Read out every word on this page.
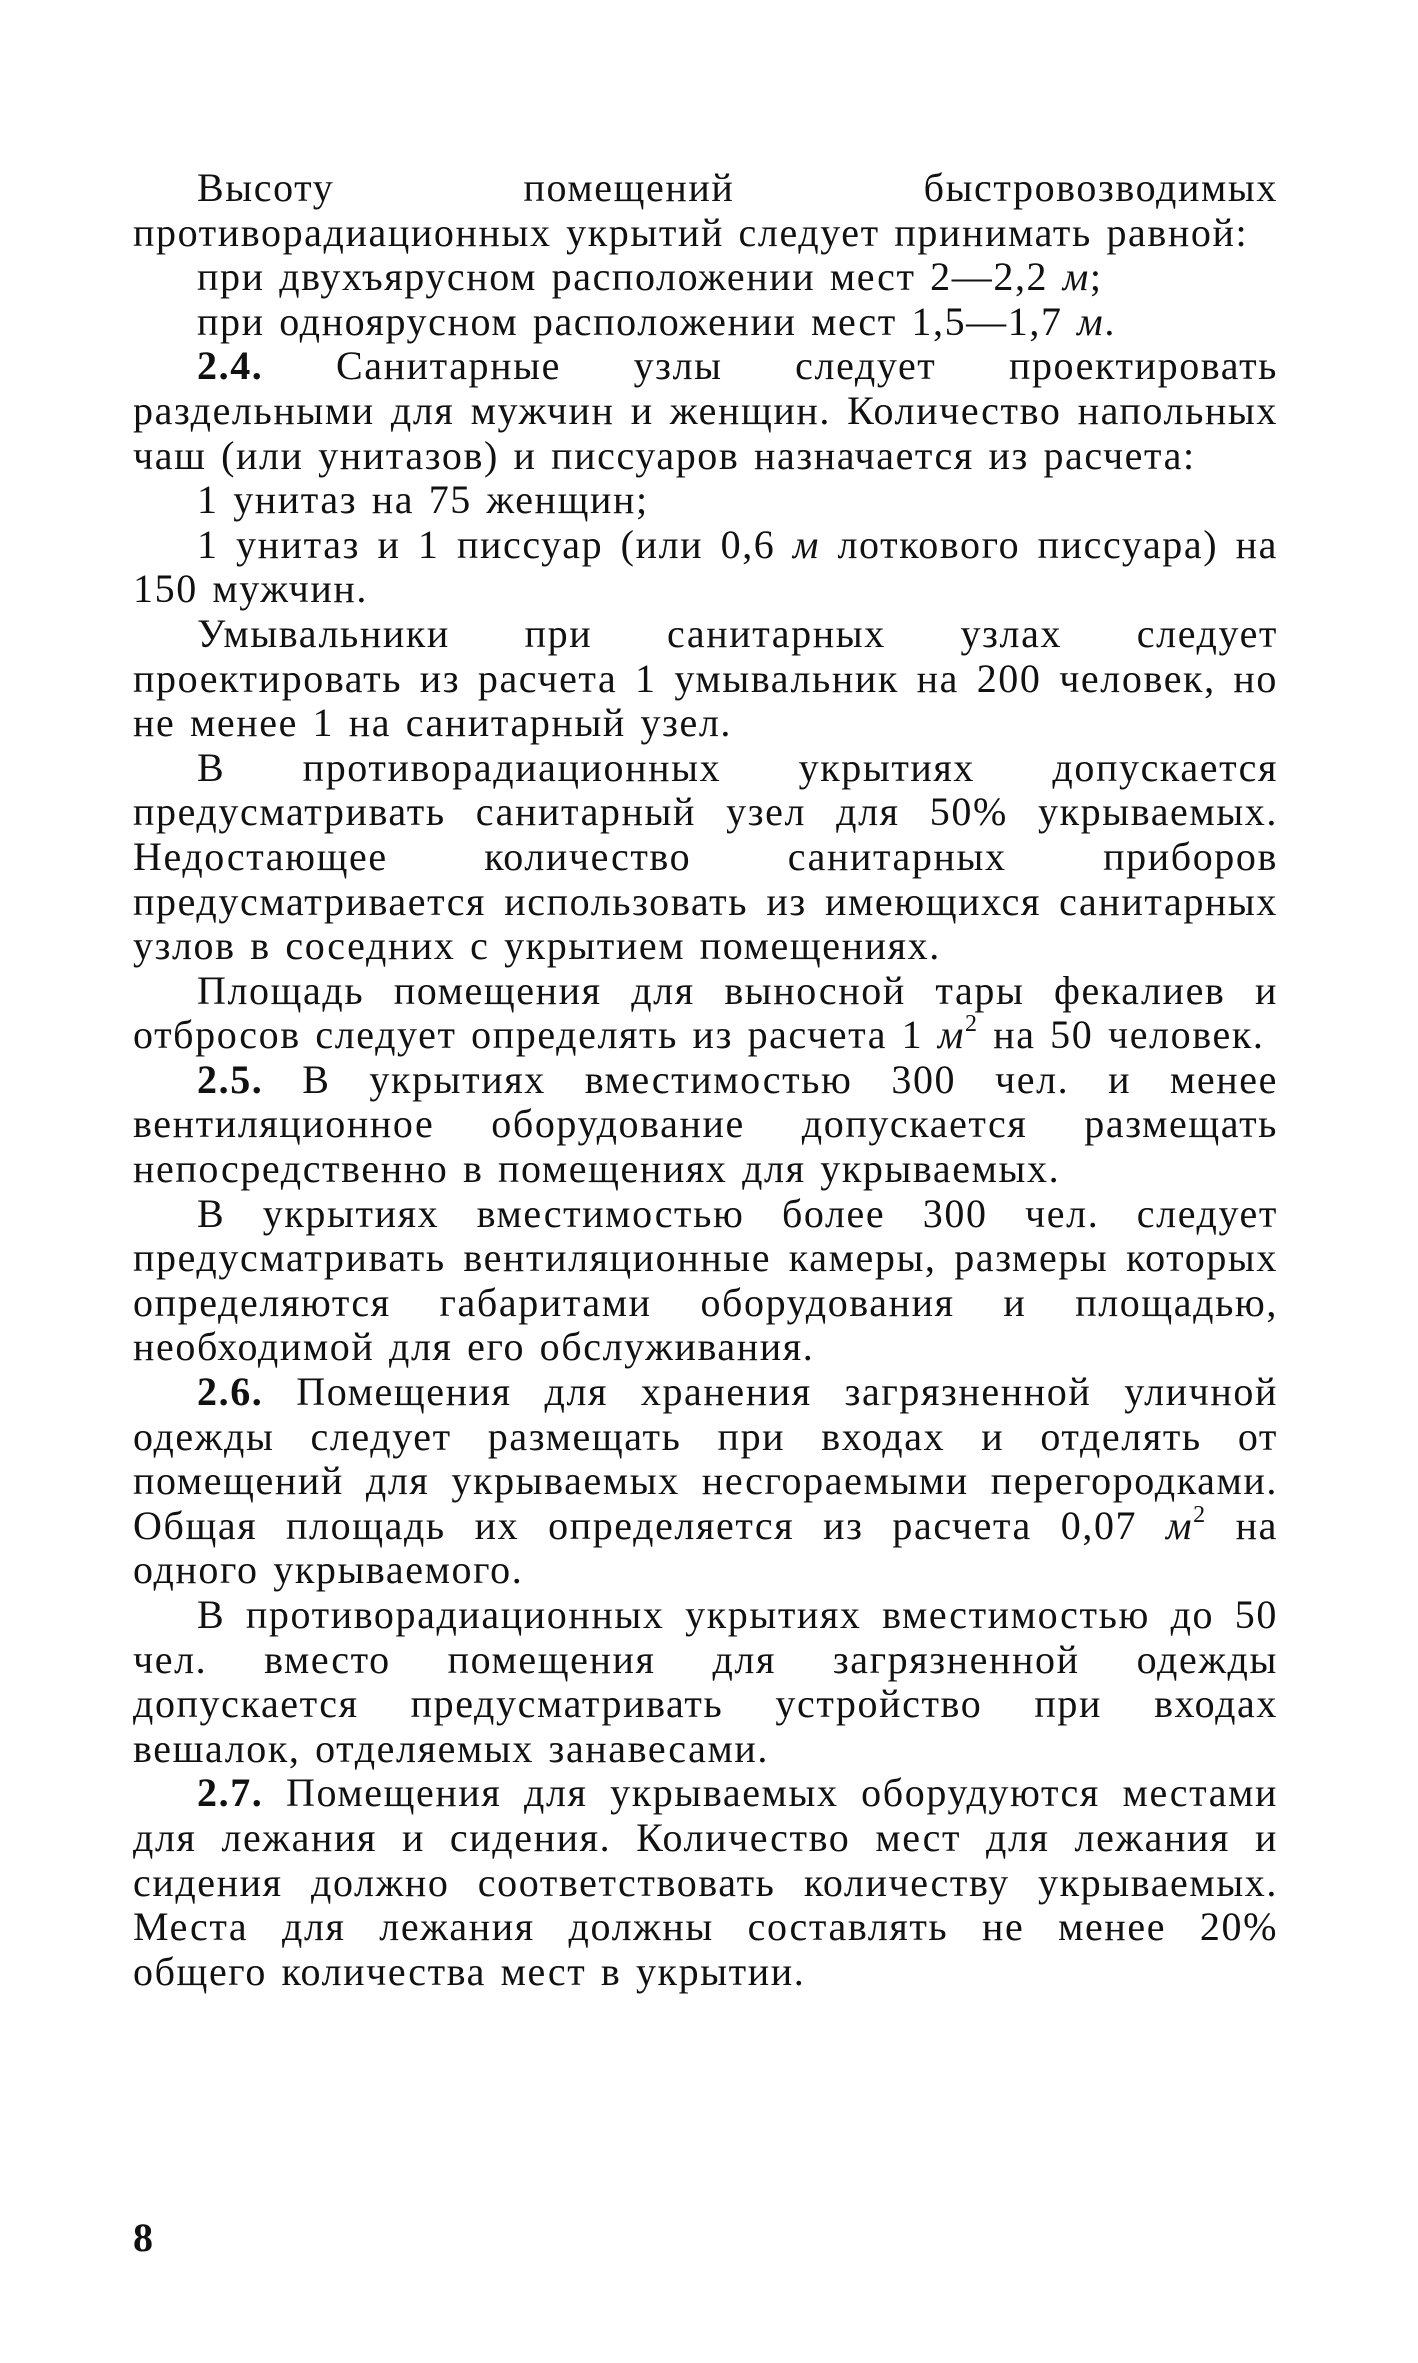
Высоту помещений быстровозводимых противорадиационных укрытий следует принимать равной:

при двухъярусном расположении мест 2—2,2 м;

при одноярусном расположении мест 1,5—1,7 м.

2.4. Санитарные узлы следует проектировать раздельными для мужчин и женщин. Количество напольных чаш (или унитазов) и писсуаров назначается из расчета:

1 унитаз на 75 женщин;

1 унитаз и 1 писсуар (или 0,6 м лоткового писсуара) на 150 мужчин.

Умывальники при санитарных узлах следует проектировать из расчета 1 умывальник на 200 человек, но не менее 1 на санитарный узел.

В противорадиационных укрытиях допускается предусматривать санитарный узел для 50% укрываемых. Недостающее количество санитарных приборов предусматривается использовать из имеющихся санитарных узлов в соседних с укрытием помещениях.

Площадь помещения для выносной тары фекалиев и отбросов следует определять из расчета 1 $м^2$ на 50 человек.

2.5. В укрытиях вместимостью 300 чел. и менее вентиляционное оборудование допускается размещать непосредственно в помещениях для укрываемых.

В укрытиях вместимостью более 300 чел. следует предусматривать вентиляционные камеры, размеры которых определяются габаритами оборудования и площадью, необходимой для его обслуживания.

2.6. Помещения для хранения загрязненной уличной одежды следует размещать при входах и отделять от помещений для укрываемых несгораемыми перегородками. Общая площадь их определяется из расчета 0,07 $м^2$ на одного укрываемого.

В противорадиационных укрытиях вместимостью до 50 чел. вместо помещения для загрязненной одежды допускается предусматривать устройство при входах вешалок, отделяемых занавесами.

2.7. Помещения для укрываемых оборудуются местами для лежания и сидения. Количество мест для лежания и сидения должно соответствовать количеству укрываемых. Места для лежания должны составлять не менее 20% общего количества мест в укрытии.

8
